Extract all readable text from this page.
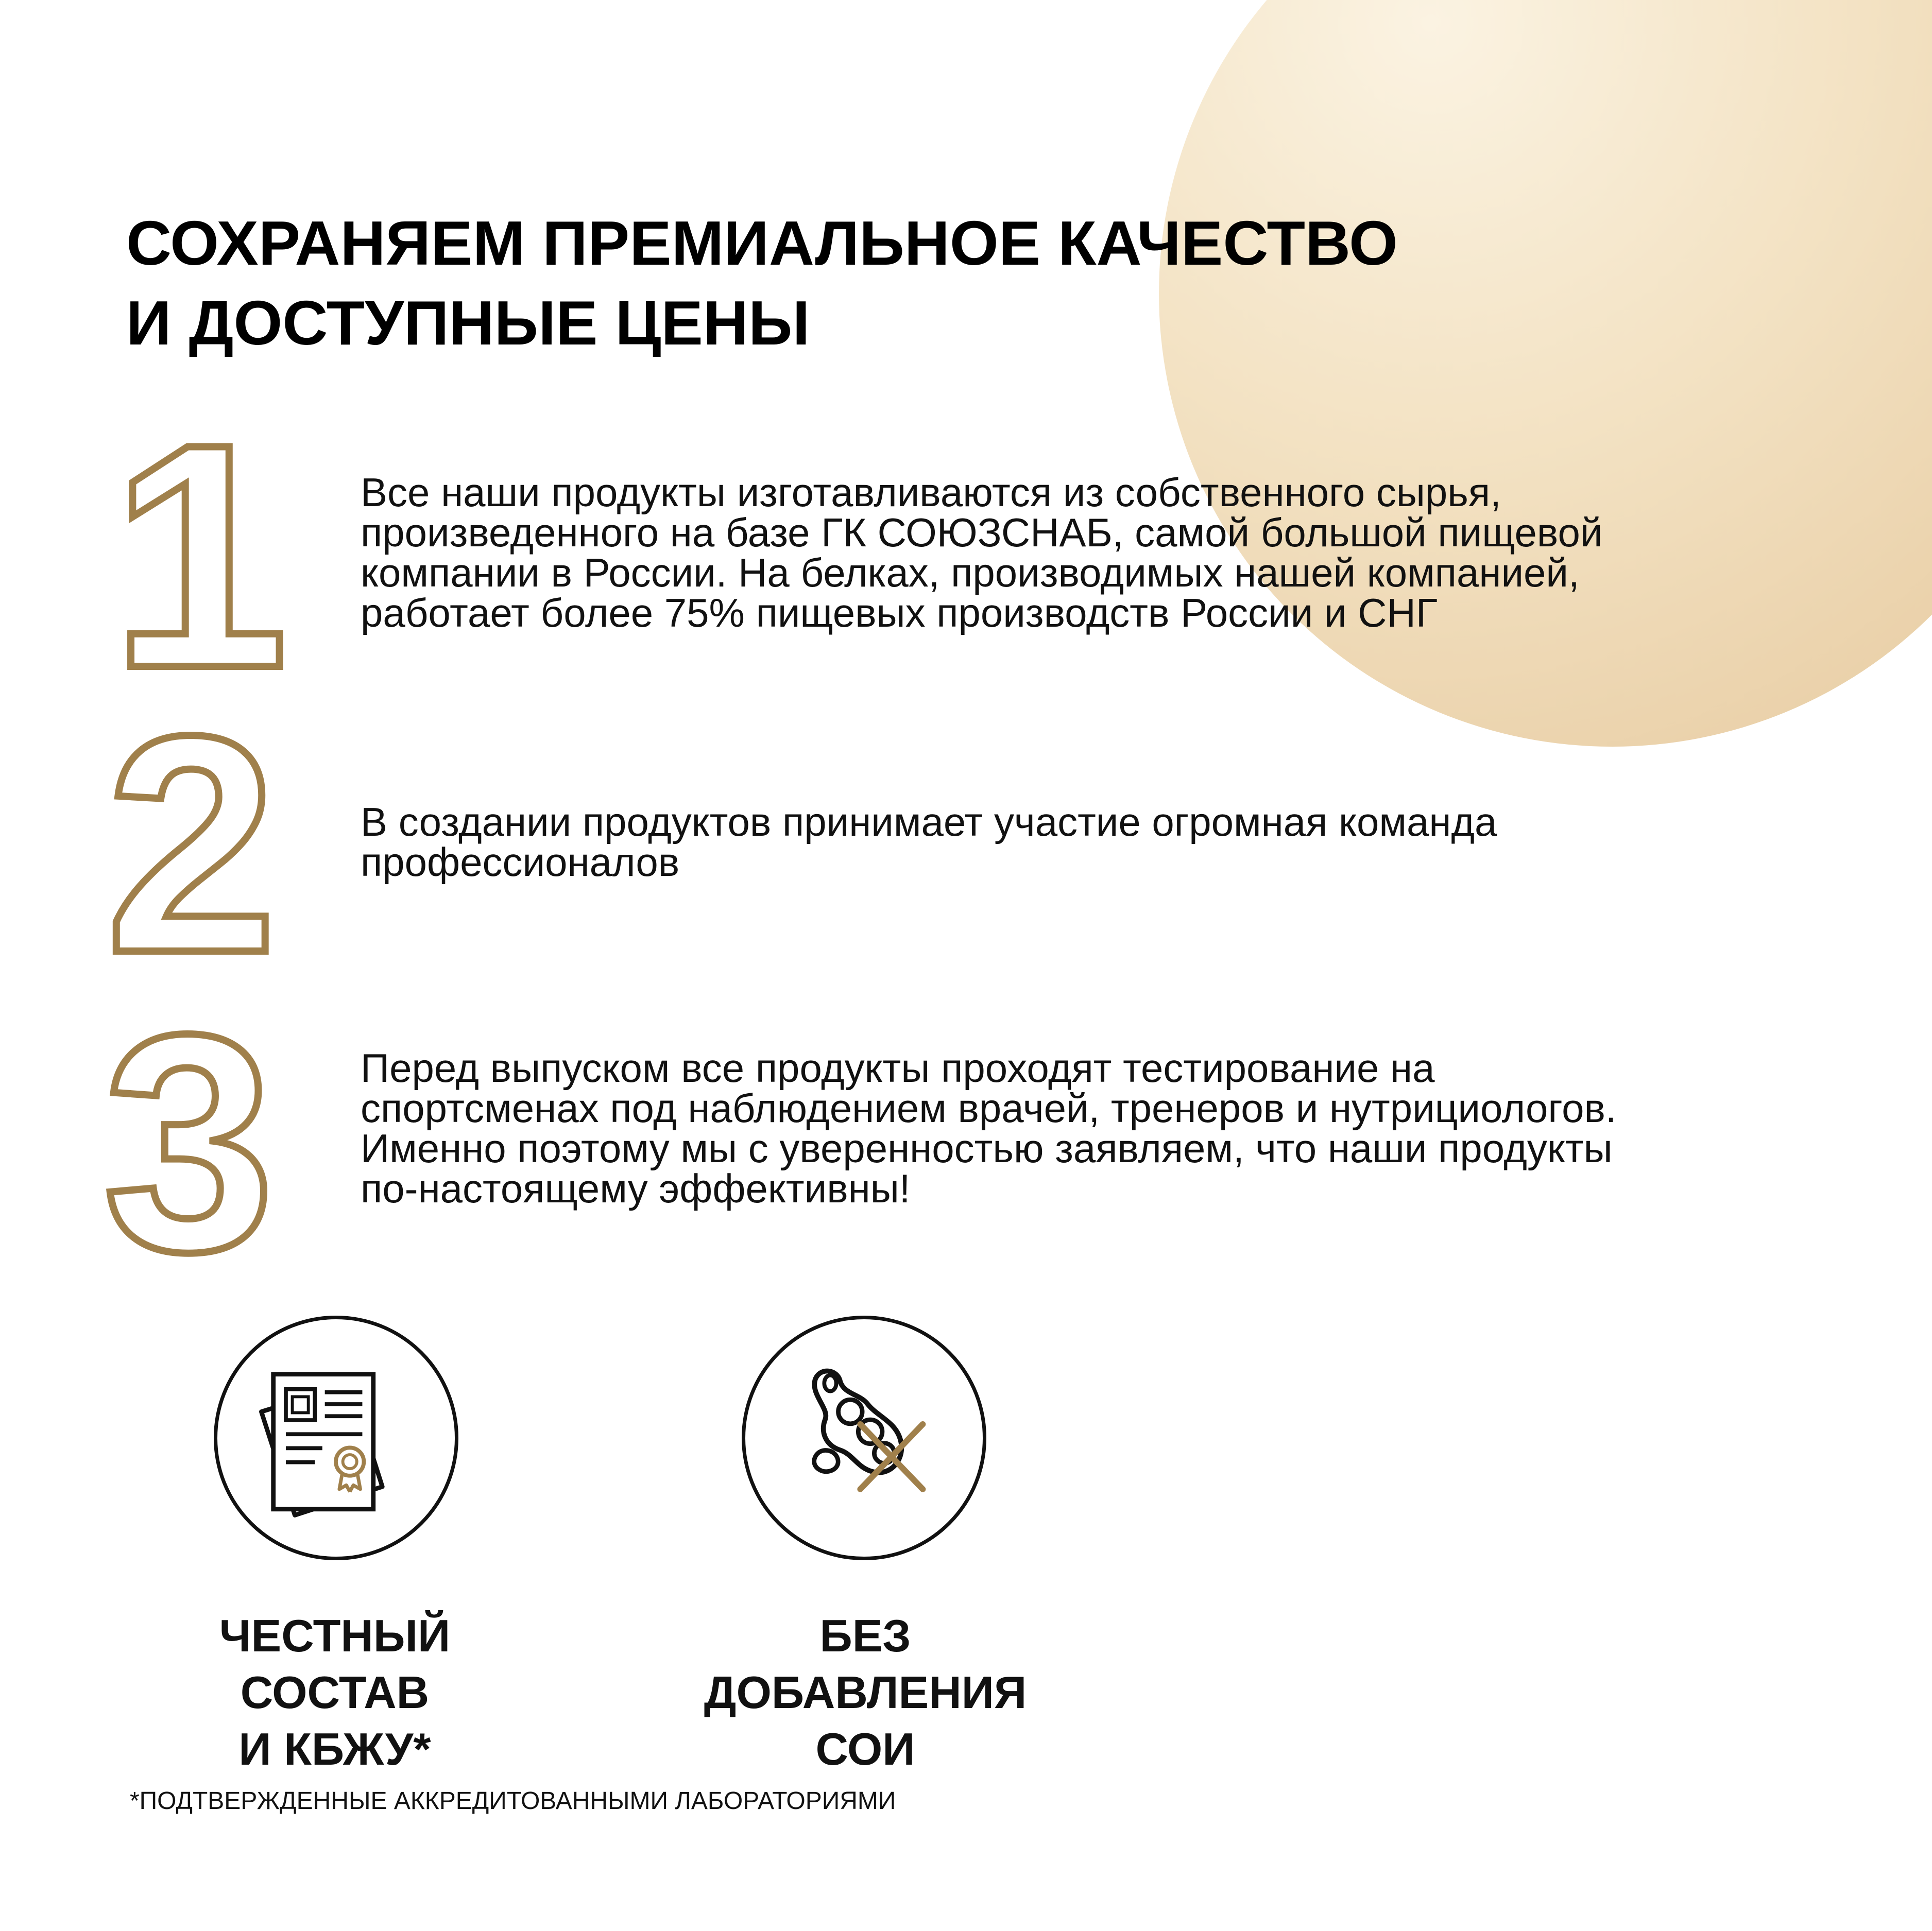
СОХРАНЯЕМ ПРЕМИАЛЬНОЕ КАЧЕСТВО
И ДОСТУПНЫЕ ЦЕНЫ
1 Все наши продукты изготавливаются из собственного сырья,
произведенного на базе ГК СОЮЗСНАБ, самой большой пищевой
компании в России. На белках, производимых нашей компанией,
работает более 75% пищевых производств России и СНГ

2 В создании продуктов принимает участие огромная команда
профессионалов

3 Перед выпуском все продукты проходят тестирование на
спортсменах под наблюдением врачей, тренеров и нутрициологов.
Именно поэтому мы с уверенностью заявляем, что наши продукты
по-настоящему эффективны!

ЧЕСТНЫЙ СОСТАВ
И КБЖУ*

БЕЗ ДОБАВЛЕНИЯ
СОИ

*ПОДТВЕРЖДЕННЫЕ АККРЕДИТОВАННЫМИ ЛАБОРАТОРИЯМИ
